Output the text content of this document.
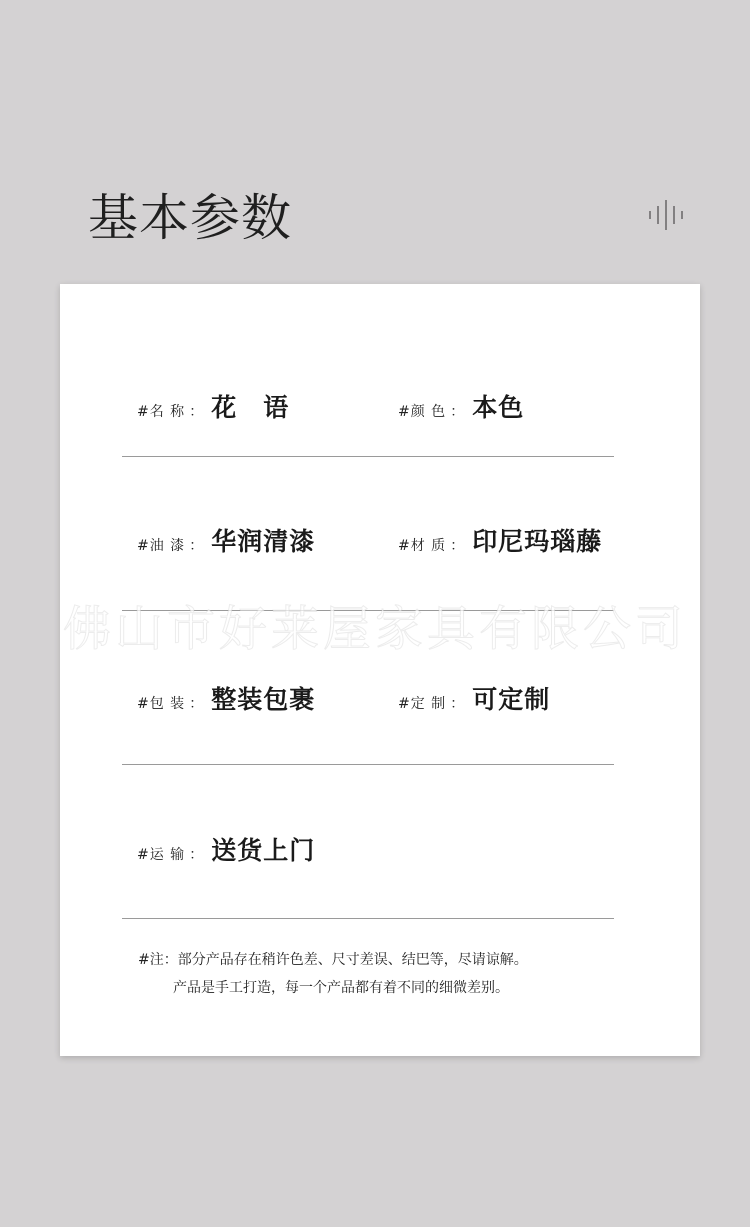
基本参数
#名 称 ： 花　语	#颜 色 ： 本色
#油 漆 ： 华润清漆	#材 质 ： 印尼玛瑙藤
#包 装 ： 整装包裹	#定 制 ： 可定制
#运 输 ： 送货上门
#注：部分产品存在稍许色差、尺寸差误、结巴等，尽请谅解。
产品是手工打造，每一个产品都有着不同的细微差别。
佛山市好莱屋家具有限公司
